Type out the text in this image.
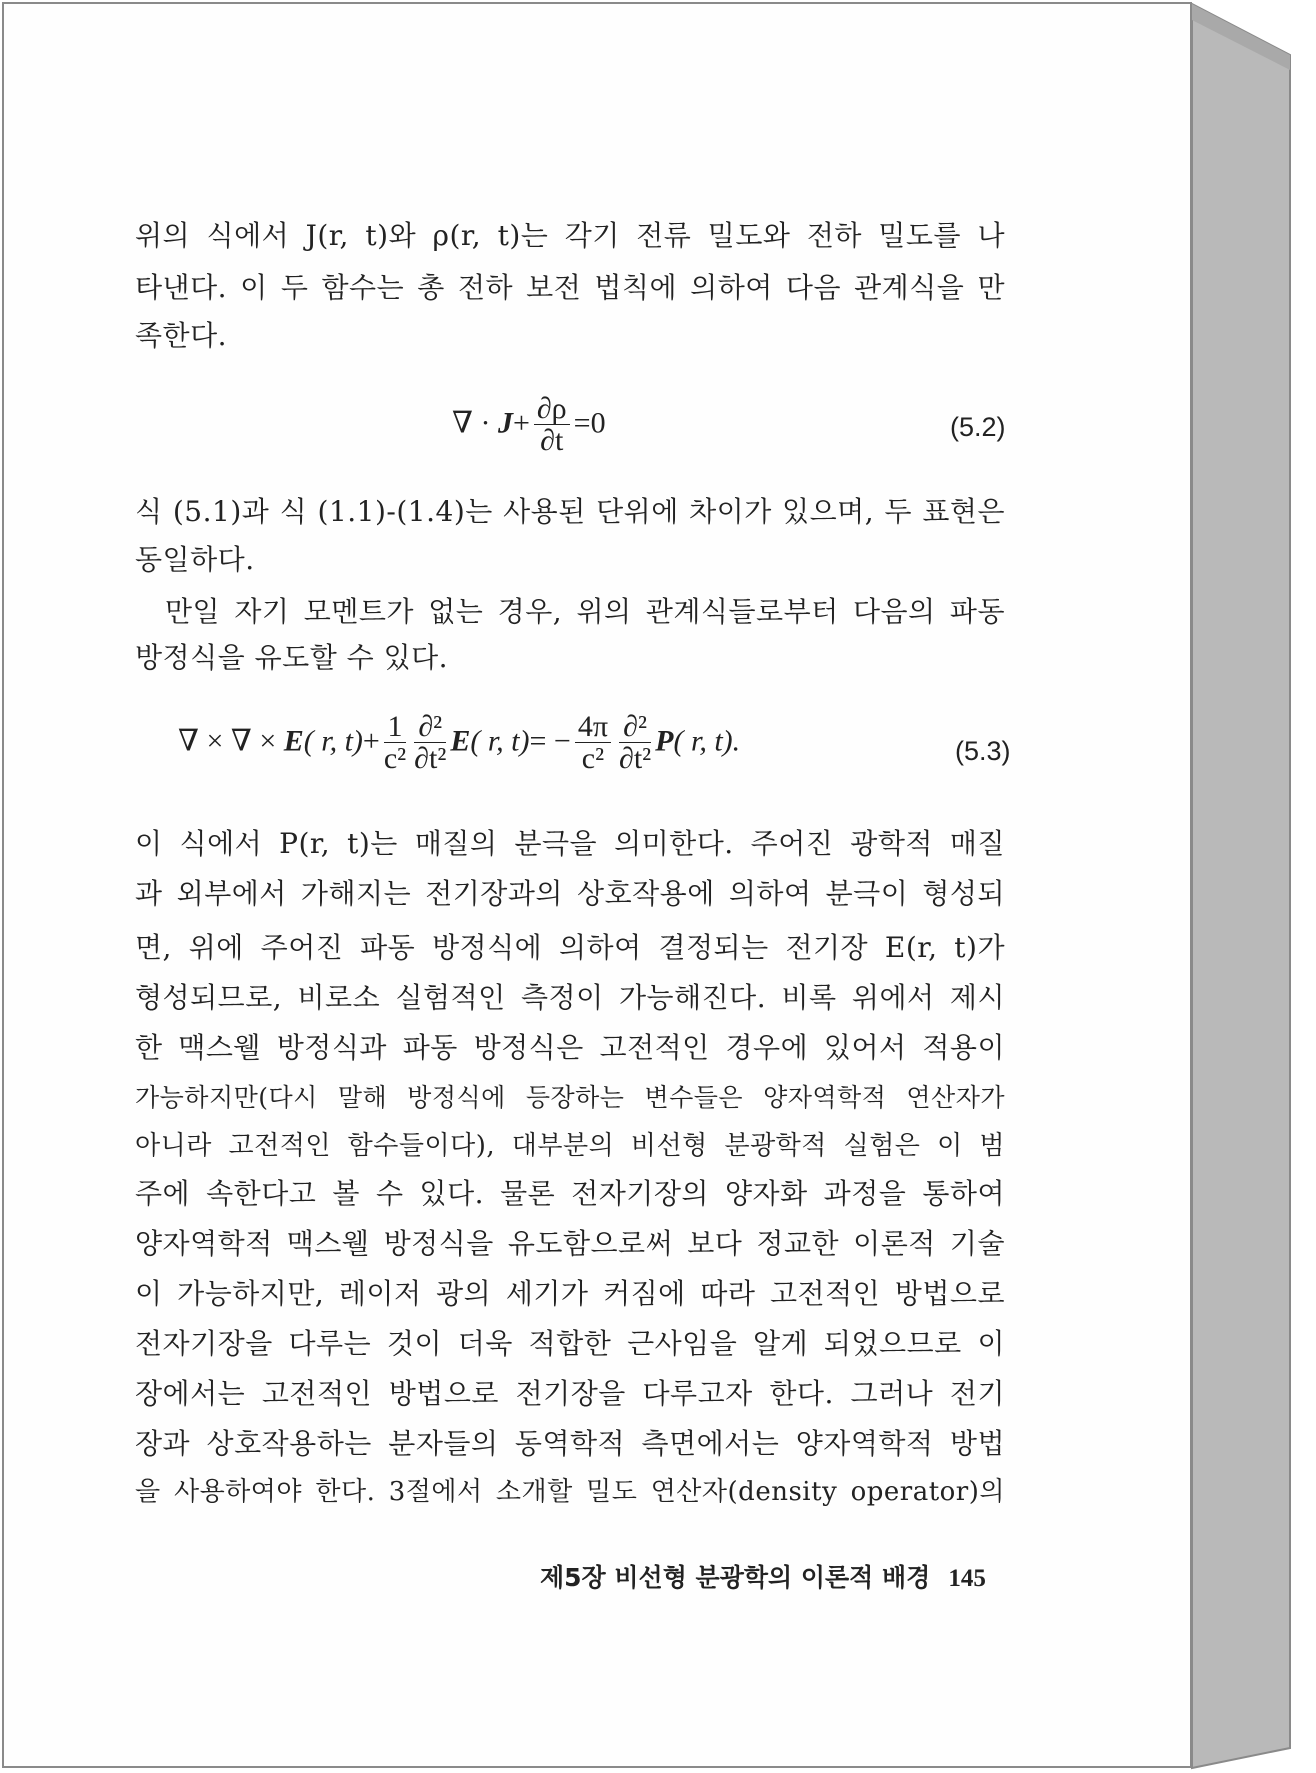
위의 식에서 J(r, t)와 ρ(r, t)는 각기 전류 밀도와 전하 밀도를 나
타낸다. 이 두 함수는 총 전하 보전 법칙에 의하여 다음 관계식을 만
족한다.
∇ · $J+ \frac{\partial\rho}{\partial t} =0$	(5.2)
식 (5.1)과 식 (1.1)-(1.4)는 사용된 단위에 차이가 있으며, 두 표현은
동일하다.
만일 자기 모멘트가 없는 경우, 위의 관계식들로부터 다음의 파동
방정식을 유도할 수 있다.
∇ × ∇ × E( r, $t)+ \frac{1}{\text{c²}} \frac{\text{∂²}}{\text{∂t²}} E$( r, $t)= - \frac{4\pi}{\text{c²}} \frac{\text{∂²}}{\text{∂t²}} P$( r, t).	(5.3)
이 식에서 P(r, t)는 매질의 분극을 의미한다. 주어진 광학적 매질
과 외부에서 가해지는 전기장과의 상호작용에 의하여 분극이 형성되
면, 위에 주어진 파동 방정식에 의하여 결정되는 전기장 E(r, t)가
형성되므로, 비로소 실험적인 측정이 가능해진다. 비록 위에서 제시
한 맥스웰 방정식과 파동 방정식은 고전적인 경우에 있어서 적용이
가능하지만(다시 말해 방정식에 등장하는 변수들은 양자역학적 연산자가
아니라 고전적인 함수들이다), 대부분의 비선형 분광학적 실험은 이 범
주에 속한다고 볼 수 있다. 물론 전자기장의 양자화 과정을 통하여
양자역학적 맥스웰 방정식을 유도함으로써 보다 정교한 이론적 기술
이 가능하지만, 레이저 광의 세기가 커짐에 따라 고전적인 방법으로
전자기장을 다루는 것이 더욱 적합한 근사임을 알게 되었으므로 이
장에서는 고전적인 방법으로 전기장을 다루고자 한다. 그러나 전기
장과 상호작용하는 분자들의 동역학적 측면에서는 양자역학적 방법
을 사용하여야 한다. 3절에서 소개할 밀도 연산자(density operator)의
제5장 비선형 분광학의 이론적 배경 145
